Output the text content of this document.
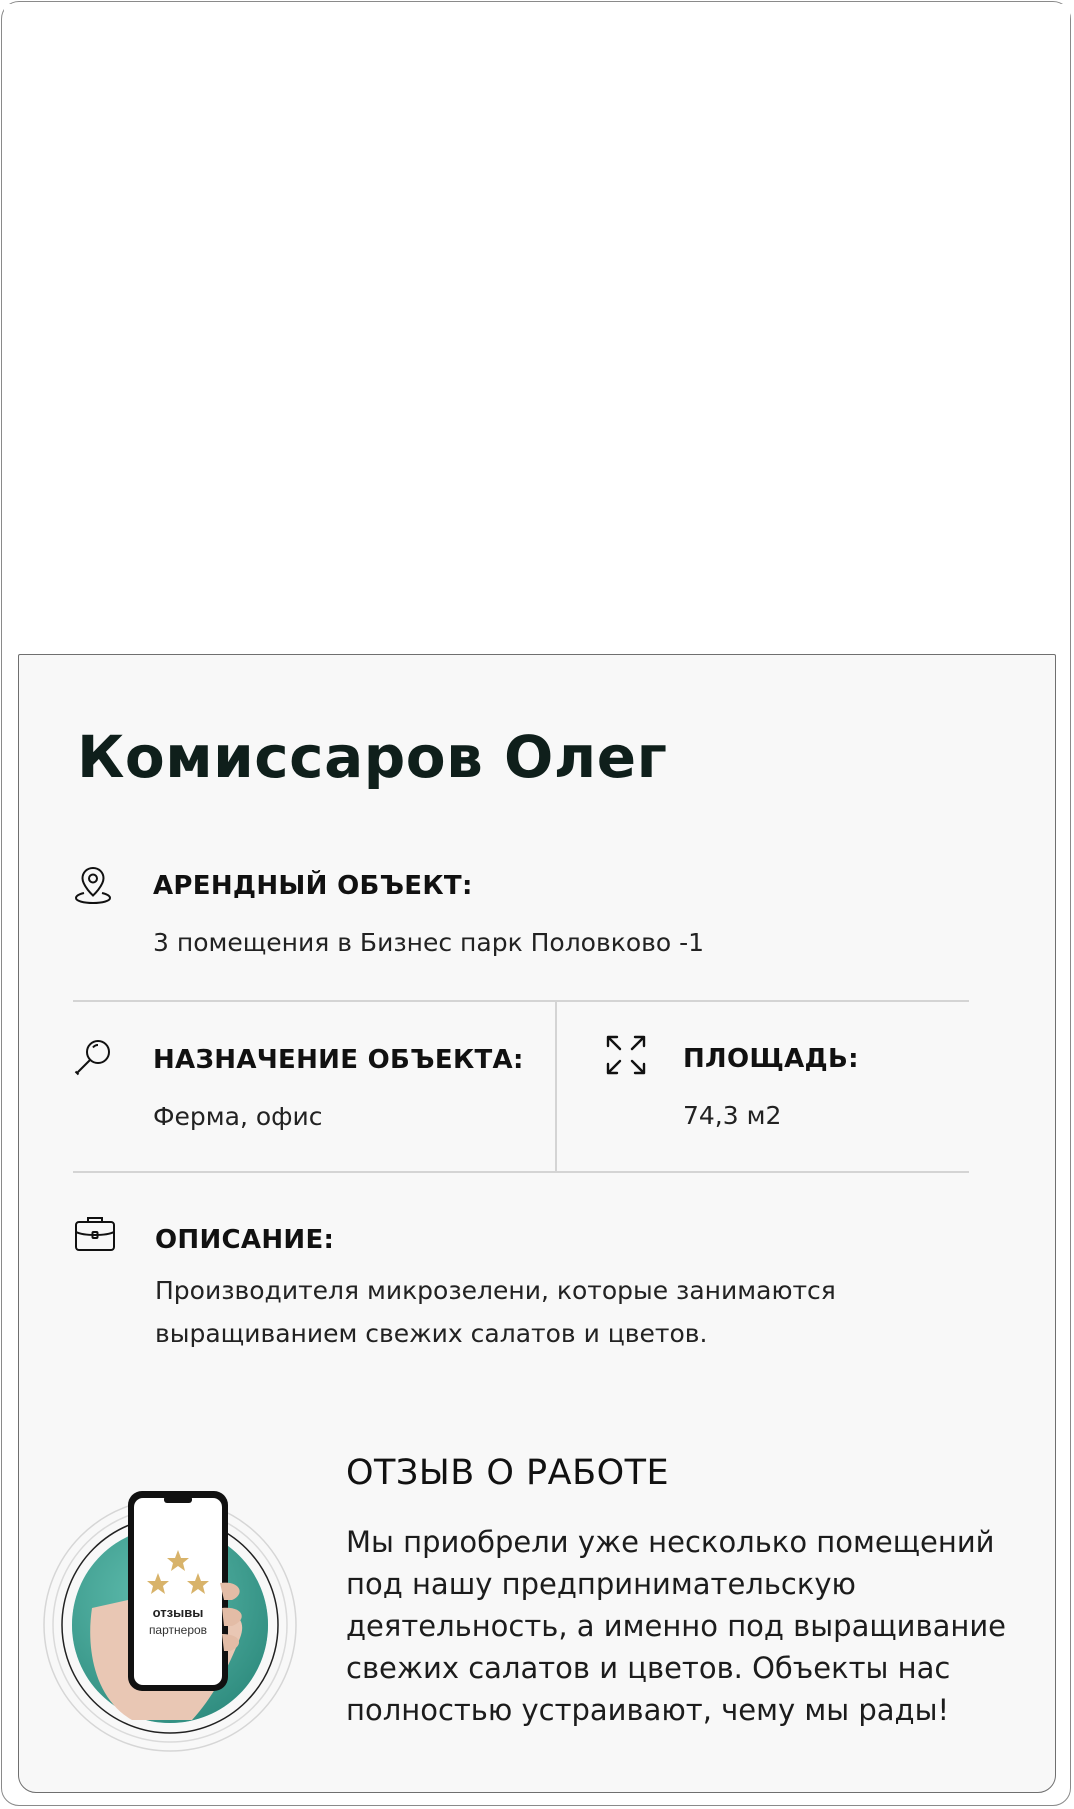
Комиссаров Олег

АРЕНДНЫЙ ОБЪЕКТ:

3 помещения в Бизнес парк Половково -1

НАЗНАЧЕНИЕ ОБЪЕКТА:

Ферма, офис

ПЛОЩАДЬ:

74,3 м2

ОПИСАНИЕ:

Производителя микрозелени, которые занимаются выращиванием свежих салатов и цветов.

отзывы
партнеров
ОТЗЫВ О РАБОТЕ

Мы приобрели уже несколько помещений под нашу предпринимательскую деятельность, а именно под выращивание свежих салатов и цветов. Объекты нас полностью устраивают, чему мы рады!
